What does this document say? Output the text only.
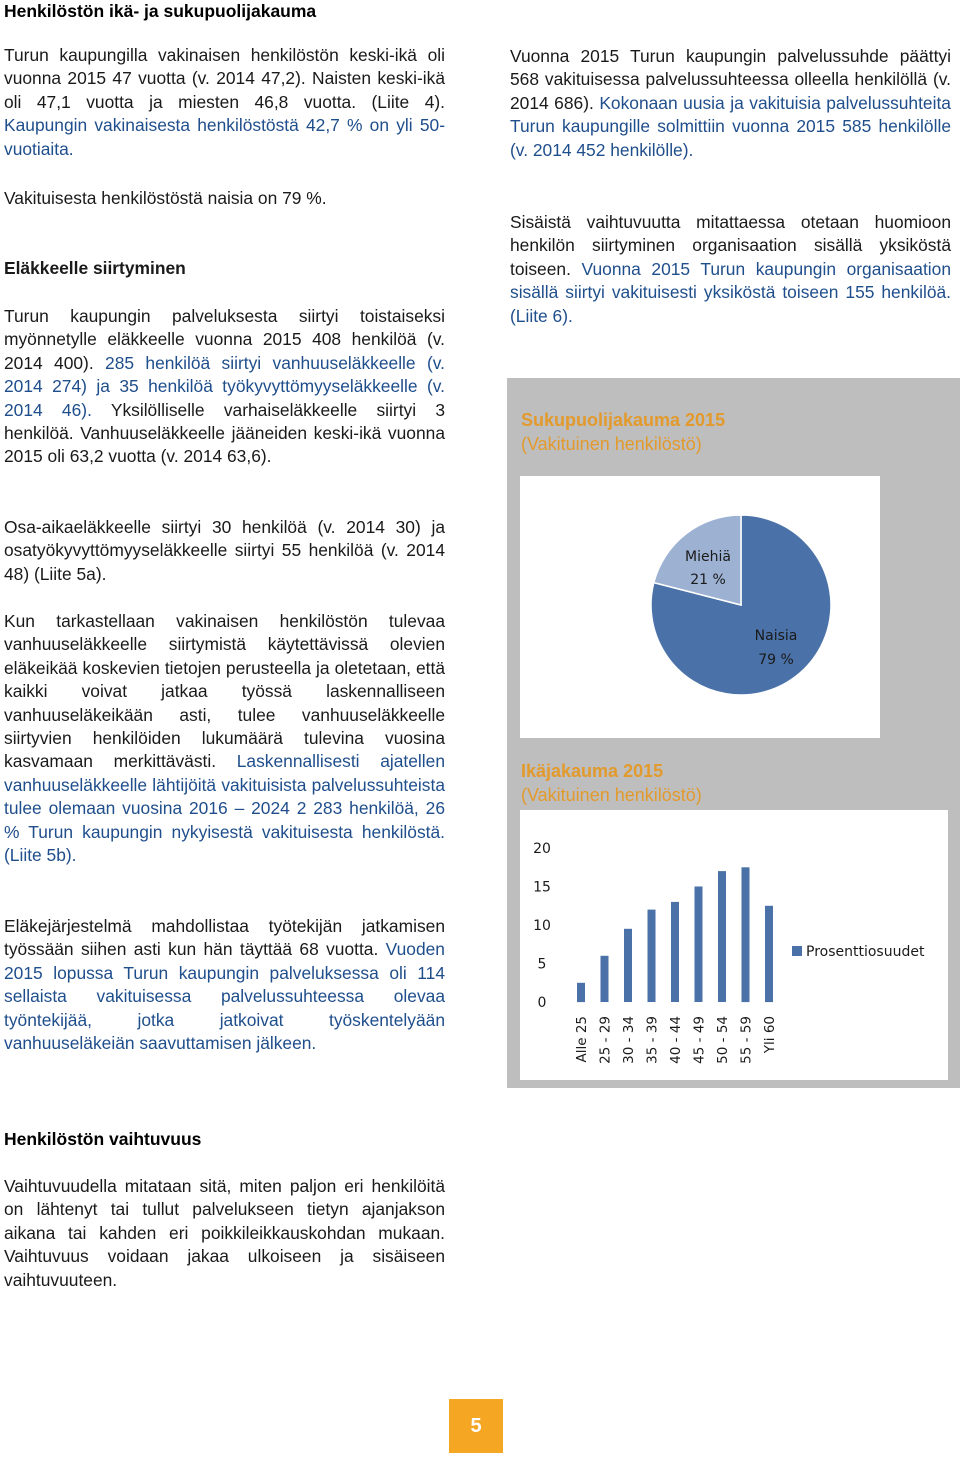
Henkilöstön ikä- ja sukupuolijakauma

Turun kaupungilla vakinaisen henkilöstön keski-ikä oli vuonna 2015 47 vuotta (v. 2014 47,2). Naisten keski-ikä oli 47,1 vuotta ja miesten 46,8 vuotta. (Liite 4). Kaupungin vakinaisesta henkilöstöstä 42,7 % on yli 50-vuotiaita.

Vakituisesta henkilöstöstä naisia on 79 %.

Eläkkeelle siirtyminen

Turun kaupungin palveluksesta siirtyi toistaiseksi myönnetylle eläkkeelle vuonna 2015 408 henkilöä (v. 2014 400). 285 henkilöä siirtyi vanhuuseläkkeelle (v. 2014 274) ja 35 henkilöä työkyvyttömyyseläkkeelle (v. 2014 46). Yksilölliselle varhaiseläkkeelle siirtyi 3 henkilöä. Vanhuuseläkkeelle jääneiden keski-ikä vuonna 2015 oli 63,2 vuotta (v. 2014 63,6).

Osa-aikaeläkkeelle siirtyi 30 henkilöä (v. 2014 30) ja osatyökyvyttömyyseläkkeelle siirtyi 55 henkilöä (v. 2014 48) (Liite 5a).

Kun tarkastellaan vakinaisen henkilöstön tulevaa vanhuuseläkkeelle siirtymistä käytettävissä olevien eläkeikää koskevien tietojen perusteella ja oletetaan, että kaikki voivat jatkaa työssä laskennalliseen vanhuuseläkeikään asti, tulee vanhuuseläkkeelle siirtyvien henkilöiden lukumäärä tulevina vuosina kasvamaan merkittävästi. Laskennallisesti ajatellen vanhuuseläkkeelle lähtijöitä vakituisista palvelussuhteista tulee olemaan vuosina 2016 – 2024 2 283 henkilöä, 26 % Turun kaupungin nykyisestä vakituisesta henkilöstä. (Liite 5b).

Eläkejärjestelmä mahdollistaa työtekijän jatkamisen työssään siihen asti kun hän täyttää 68 vuotta. Vuoden 2015 lopussa Turun kaupungin palveluksessa oli 114 sellaista vakituisessa palvelussuhteessa olevaa työntekijää, jotka jatkoivat työskentelyään vanhuuseläkeiän saavuttamisen jälkeen.

Vuonna 2015 Turun kaupungin palvelussuhde päättyi 568 vakituisessa palvelussuhteessa olleella henkilöllä (v. 2014 686). Kokonaan uusia ja vakituisia palvelussuhteita Turun kaupungille solmittiin vuonna 2015 585 henkilölle (v. 2014 452 henkilölle).

Sisäistä vaihtuvuutta mitattaessa otetaan huomioon henkilön siirtyminen organisaation sisällä yksiköstä toiseen. Vuonna 2015 Turun kaupungin organisaation sisällä siirtyi vakituisesti yksiköstä toiseen 155 henkilöä. (Liite 6).

Sukupuolijakauma 2015
(Vakituinen henkilöstö)

Miehiä
21 %
Naisia
79 %

Ikäjakauma 2015
(Vakituinen henkilöstö)

0
5
10
15
20
Alle 25 25 - 29 30 - 34 35 - 39 40 - 44 45 - 49 50 - 54 55 - 59 Yli 60
Prosenttiosuudet
Henkilöstön vaihtuvuus

Vaihtuvuudella mitataan sitä, miten paljon eri henkilöitä on lähtenyt tai tullut palvelukseen tietyn ajanjakson aikana tai kahden eri poikkileikkauskohdan mukaan. Vaihtuvuus voidaan jakaa ulkoiseen ja sisäiseen vaihtuvuuteen.

5
